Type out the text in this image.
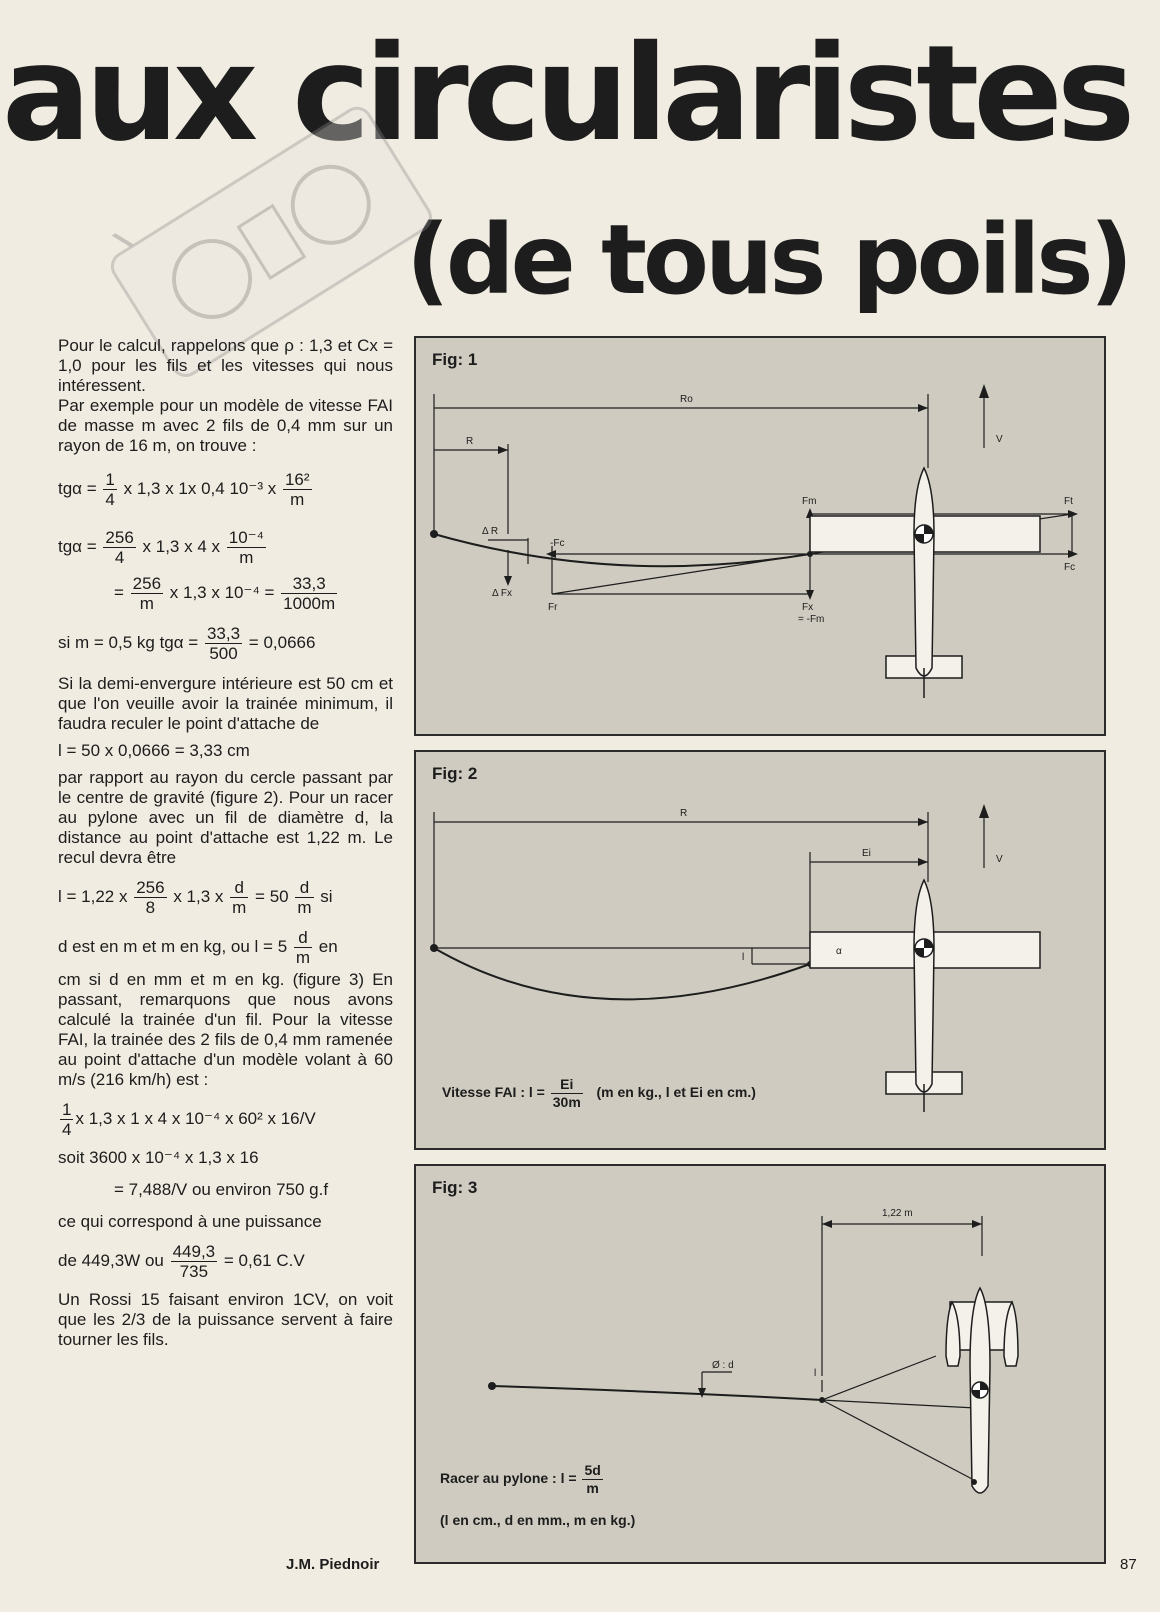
aux circularistes
(de tous poils)

Pour le calcul, rappelons que ρ : 1,3 et Cx = 1,0 pour les fils et les vitesses qui nous intéressent.

Par exemple pour un modèle de vitesse FAI de masse m avec 2 fils de 0,4 mm sur un rayon de 16 m, on trouve :

$tg\alpha = \frac{1}{4}$ x 1,3 x 1x 0,4 10⁻³ x $\frac{\text{16²}}{m}$

$tg\alpha = \frac{256}{4}$ x 1,3 x 4 x $\frac{\text{10⁻⁴}}{m}$

= $\frac{256}{m}$ x 1,3 x $10^{-4} = \frac{33,3}{1000m}$

si m = 0,5 kg $tg\alpha = \frac{33,3}{500} = 0,0666$

Si la demi-envergure intérieure est 50 cm et que l'on veuille avoir la trainée minimum, il faudra reculer le point d'attache de

l = 50 x 0,0666 = 3,33 cm

par rapport au rayon du cercle passant par le centre de gravité (figure 2). Pour un racer au pylone avec un fil de diamètre d, la distance au point d'attache est 1,22 m. Le recul devra être

l = 1,22 x $\frac{256}{8}$ x 1,3 x $\frac{d}{m} = 50 \frac{d}{m}$ si

d est en m et m en kg, ou $l = 5 \frac{d}{m}$ en

cm si d en mm et m en kg. (figure 3) En passant, remarquons que nous avons calculé la trainée d'un fil. Pour la vitesse FAI, la trainée des 2 fils de 0,4 mm ramenée au point d'attache d'un modèle volant à 60 m/s (216 km/h) est :

$\frac{1}{4}$ x 1,3 x 1 x 4 x 10⁻⁴ x 60² x 16/V

soit 3600 x 10⁻⁴ x 1,3 x 16

= 7,488/V ou environ 750 g.f

ce qui correspond à une puissance

de 449,3W ou $\frac{449,3}{735} = 0,61$ C.V

Un Rossi 15 faisant environ 1CV, on voit que les 2/3 de la puissance servent à faire tourner les fils.

J.M. Piednoir	87
Ro
R	V
Fm	Ft
Δ R
-Fc
Fc
Δ Fx
Fr	Fx
= -Fm
Fig: 1
R
Ei
V
l
α
Fig: 2
Vitesse FAI : $l = \frac{Ei}{30m} (m$ en kg., l et Ei en cm.)
1,22 m
Ø : d
l
Fig: 3
Racer au pylone : $l = \frac{5d}{m}$
(l en cm., d en mm., m en kg.)
